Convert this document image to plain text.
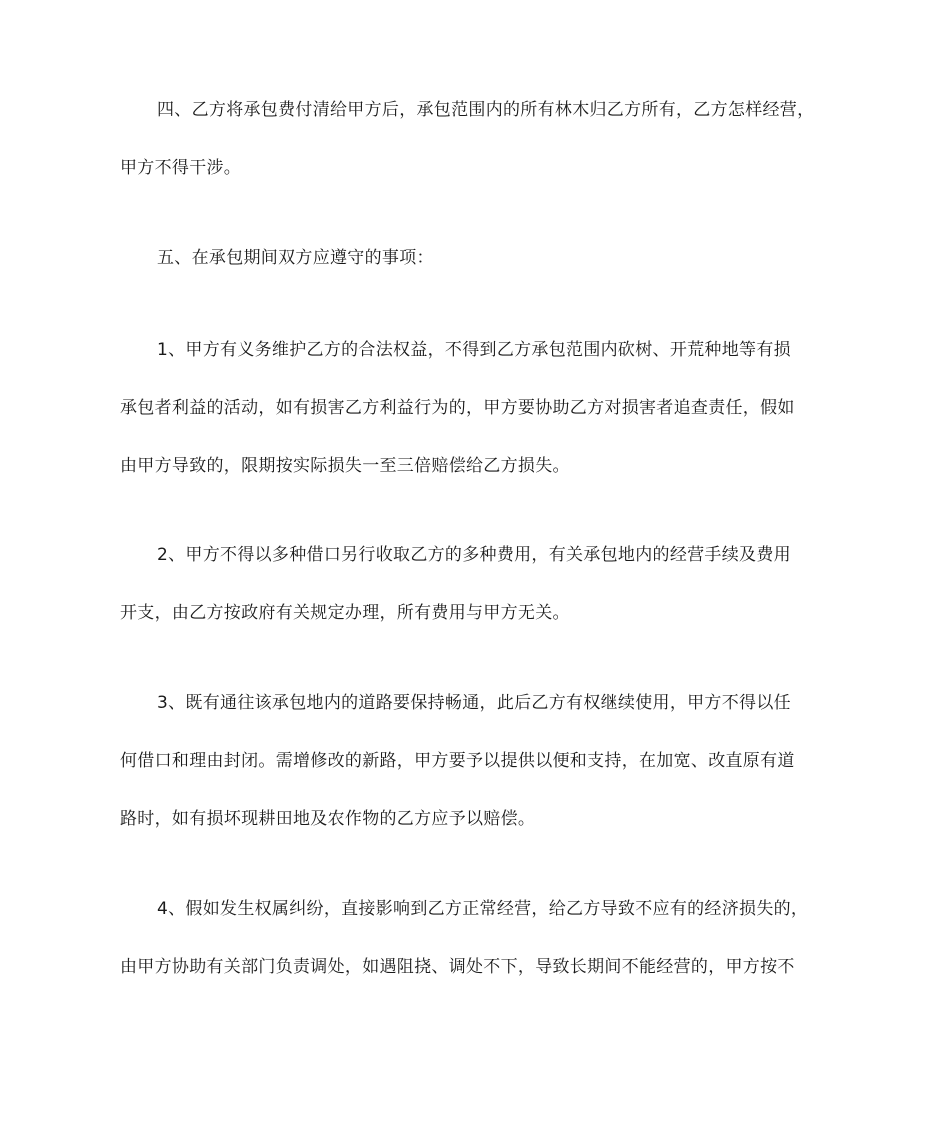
四、乙方将承包费付清给甲方后，承包范围内的所有林木归乙方所有，乙方怎样经营，
甲方不得干涉。
五、在承包期间双方应遵守的事项：
1、甲方有义务维护乙方的合法权益，不得到乙方承包范围内砍树、开荒种地等有损
承包者利益的活动，如有损害乙方利益行为的，甲方要协助乙方对损害者追查责任，假如
由甲方导致的，限期按实际损失一至三倍赔偿给乙方损失。
2、甲方不得以多种借口另行收取乙方的多种费用，有关承包地内的经营手续及费用
开支，由乙方按政府有关规定办理，所有费用与甲方无关。
3、既有通往该承包地内的道路要保持畅通，此后乙方有权继续使用，甲方不得以任
何借口和理由封闭。需增修改的新路，甲方要予以提供以便和支持，在加宽、改直原有道
路时，如有损坏现耕田地及农作物的乙方应予以赔偿。
4、假如发生权属纠纷，直接影响到乙方正常经营，给乙方导致不应有的经济损失的，
由甲方协助有关部门负责调处，如遇阻挠、调处不下，导致长期间不能经营的，甲方按不
